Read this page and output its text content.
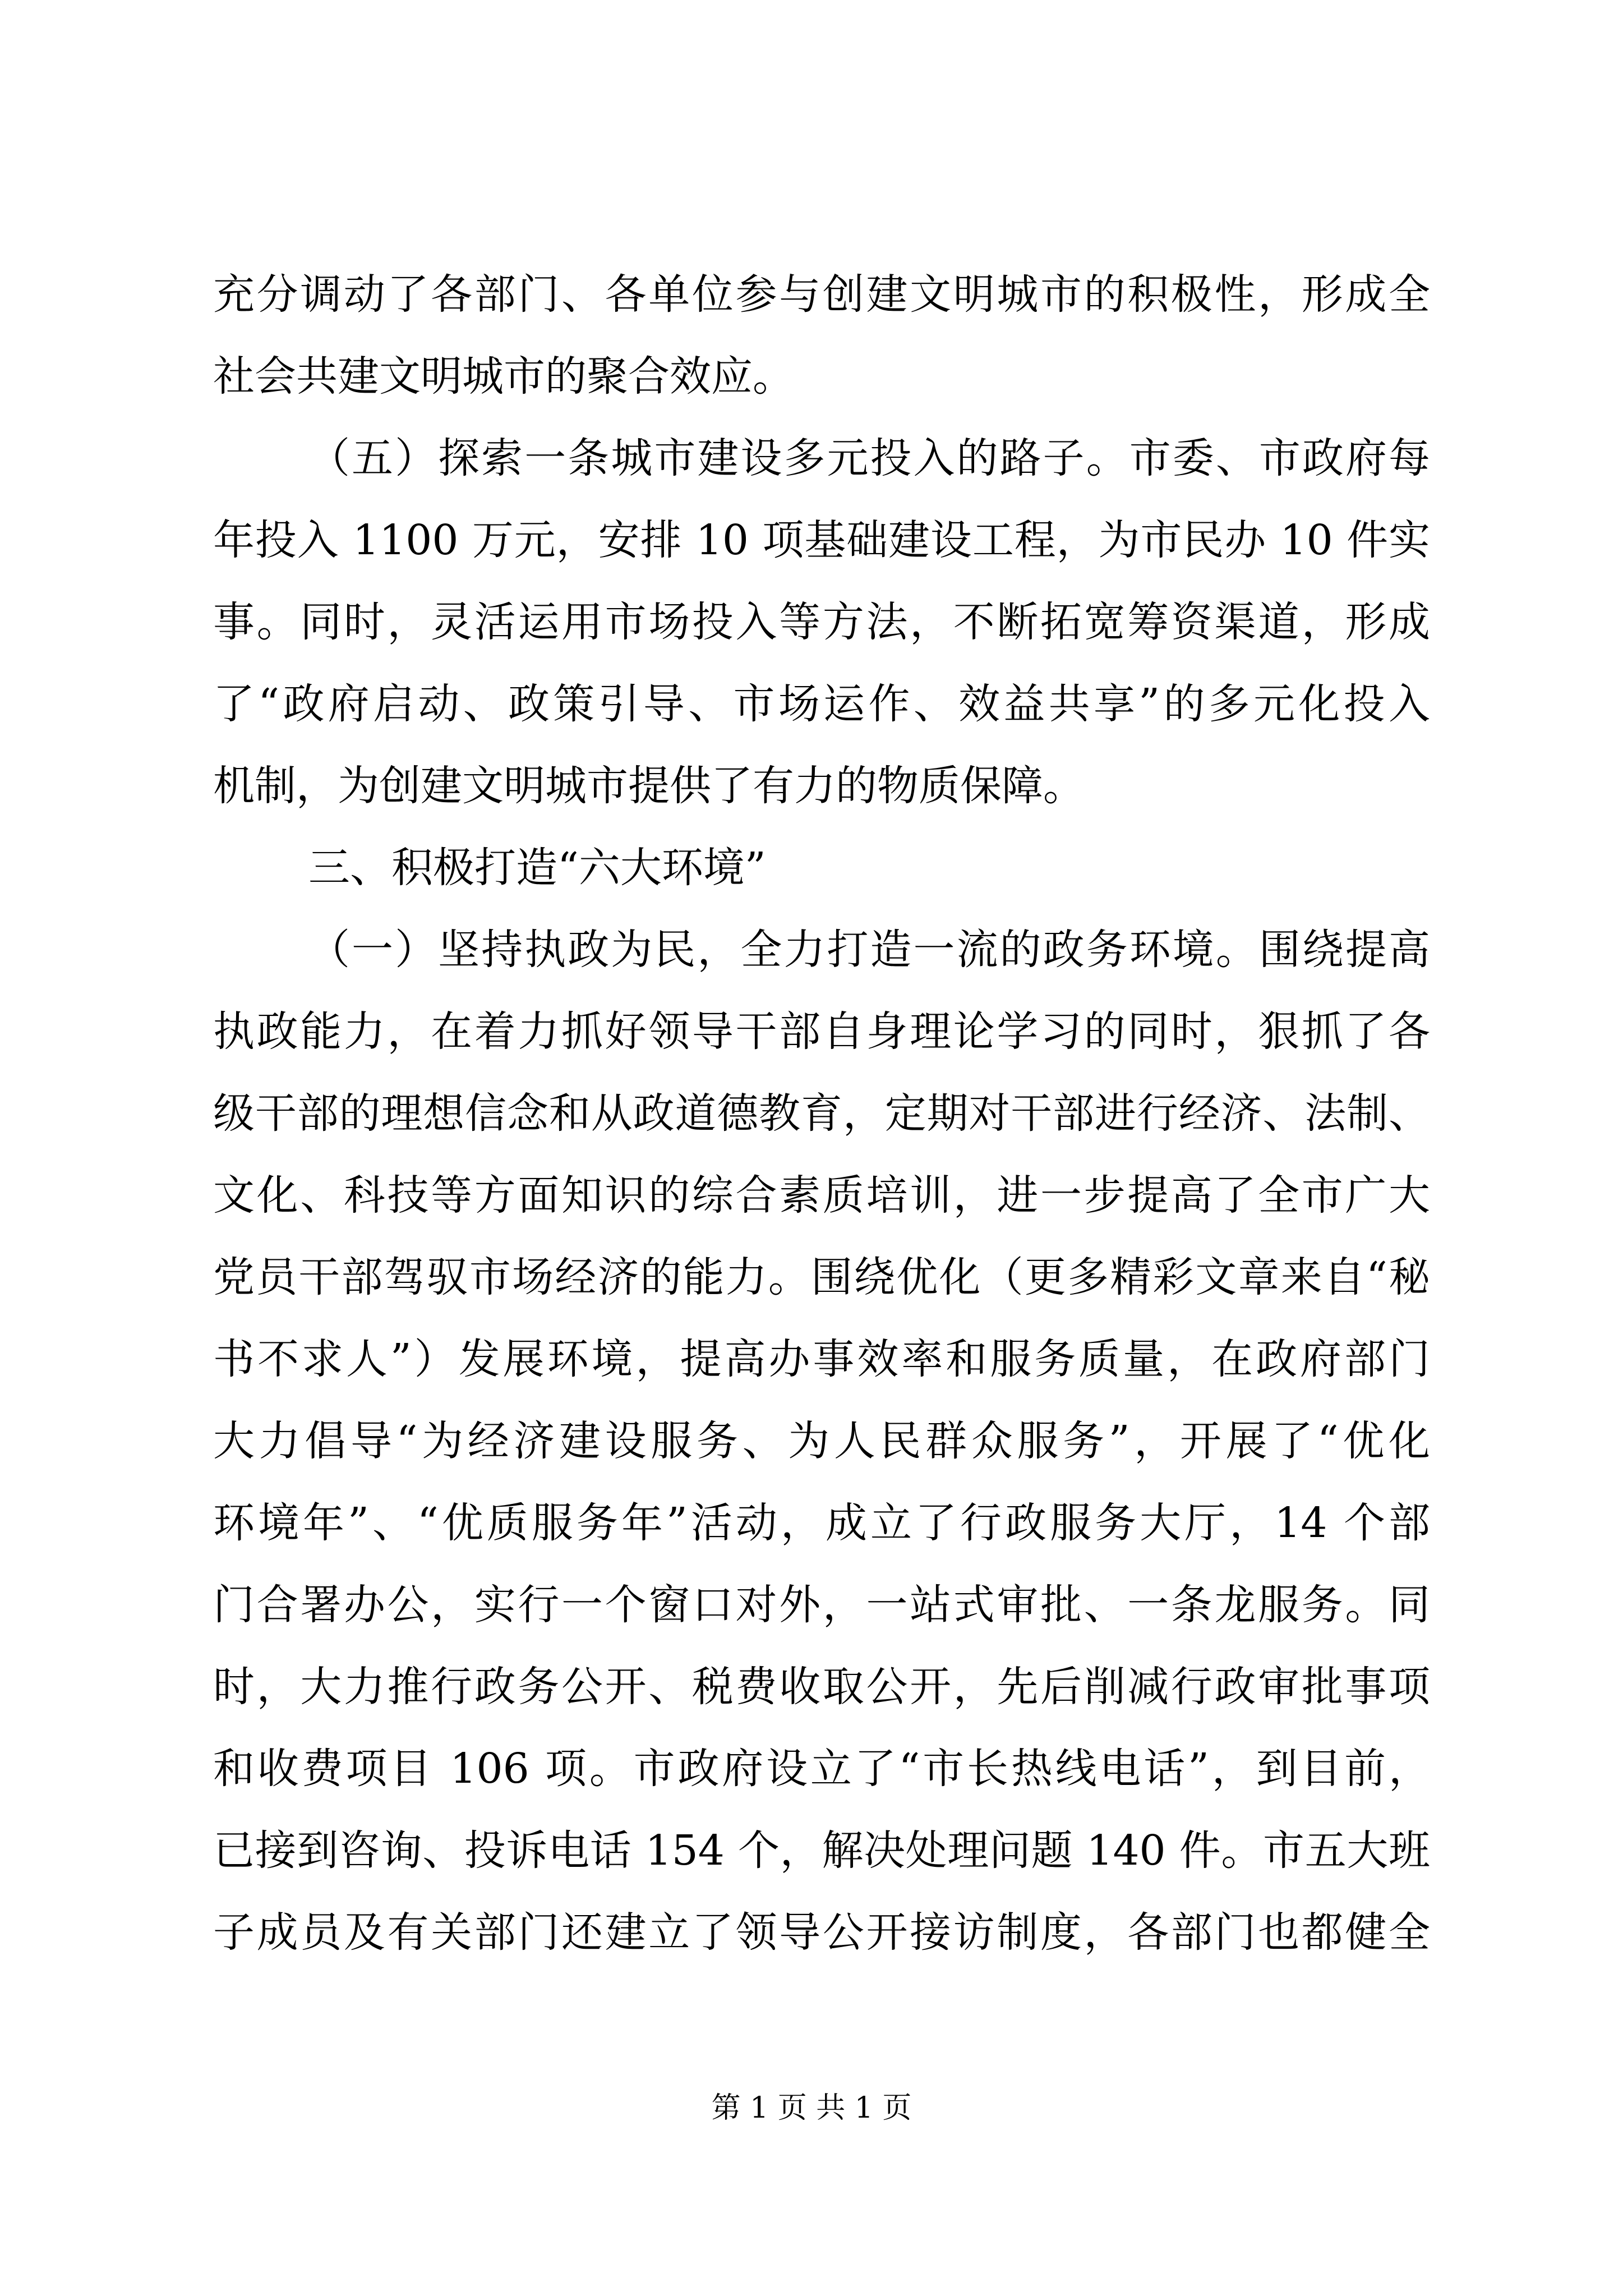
充分调动了各部门、各单位参与创建文明城市的积极性，形成全
社会共建文明城市的聚合效应。
（五）探索一条城市建设多元投入的路子。市委、市政府每
年投入 1100 万元，安排 10 项基础建设工程，为市民办 10 件实
事。同时，灵活运用市场投入等方法，不断拓宽筹资渠道，形成
了“政府启动、政策引导、市场运作、效益共享”的多元化投入
机制，为创建文明城市提供了有力的物质保障。
三、积极打造“六大环境”
（一）坚持执政为民，全力打造一流的政务环境。围绕提高
执政能力，在着力抓好领导干部自身理论学习的同时，狠抓了各
级干部的理想信念和从政道德教育，定期对干部进行经济、法制、
文化、科技等方面知识的综合素质培训，进一步提高了全市广大
党员干部驾驭市场经济的能力。围绕优化（更多精彩文章来自“秘
书不求人”）发展环境，提高办事效率和服务质量，在政府部门
大力倡导“为经济建设服务、为人民群众服务”，开展了“优化
环境年”、“优质服务年”活动，成立了行政服务大厅，14 个部
门合署办公，实行一个窗口对外，一站式审批、一条龙服务。同
时，大力推行政务公开、税费收取公开，先后削减行政审批事项
和收费项目 106 项。市政府设立了“市长热线电话”，到目前，
已接到咨询、投诉电话 154 个，解决处理问题 140 件。市五大班
子成员及有关部门还建立了领导公开接访制度，各部门也都健全
第 1 页 共 1 页
